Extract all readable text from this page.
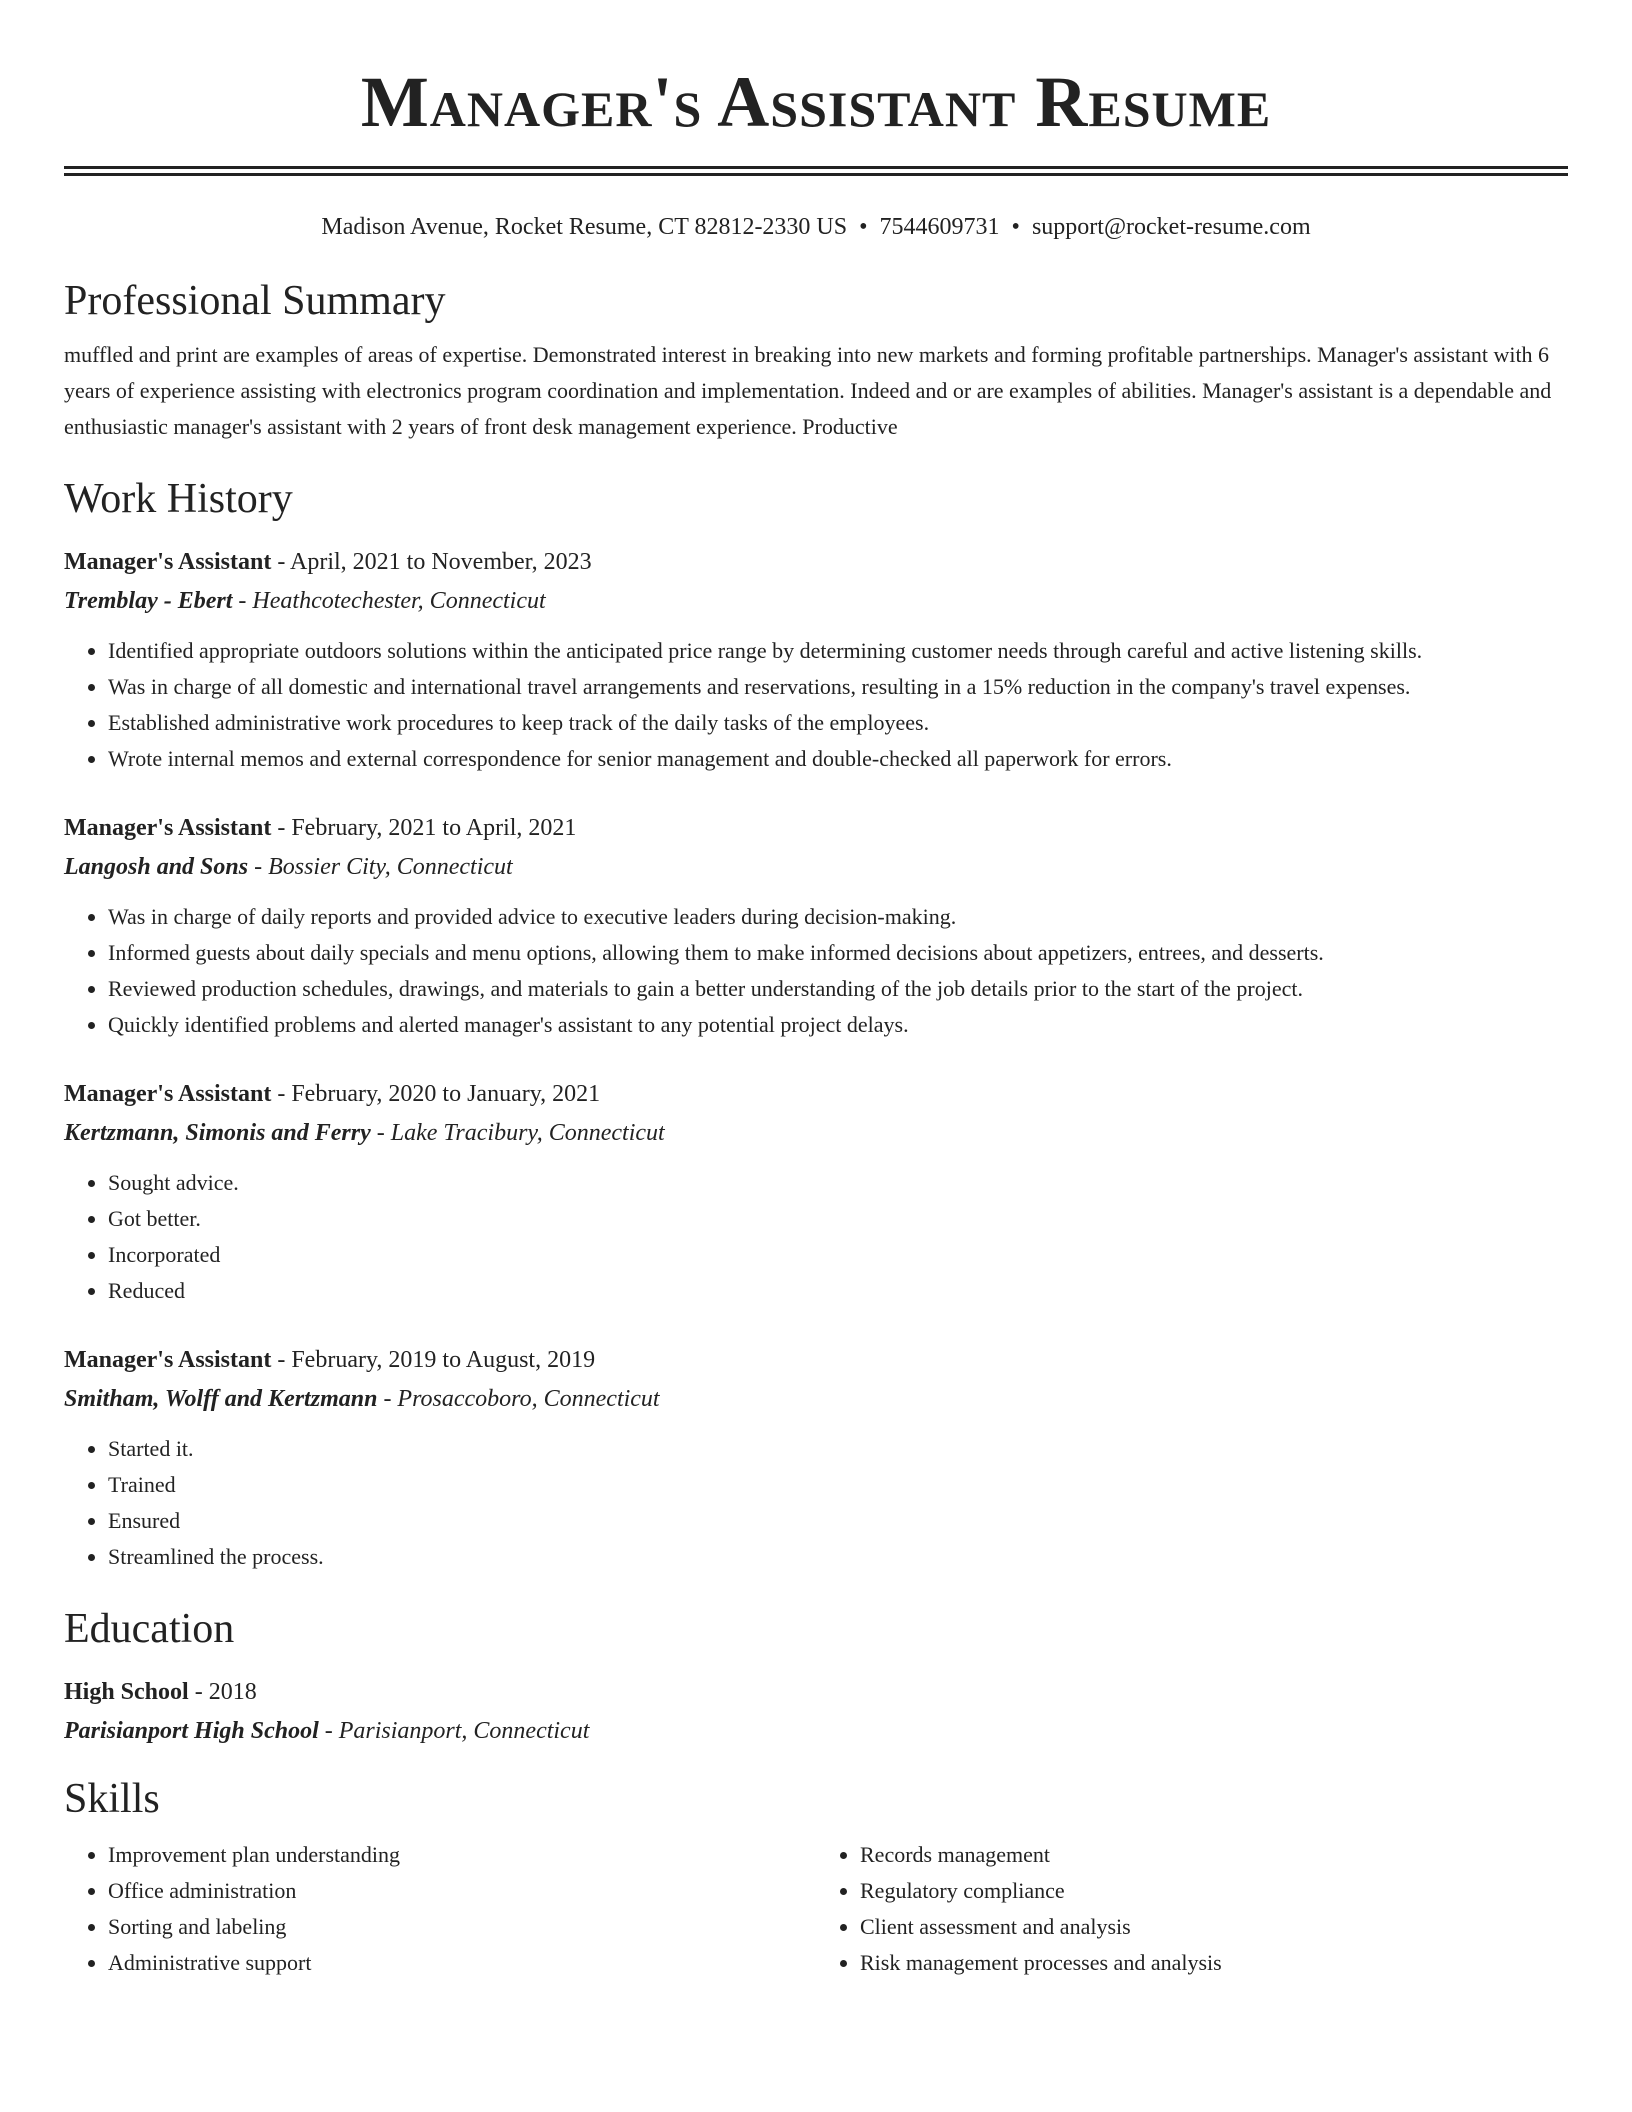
Manager's Assistant Resume
Madison Avenue, Rocket Resume, CT 82812-2330 US • 7544609731 • support@rocket-resume.com
Professional Summary

muffled and print are examples of areas of expertise. Demonstrated interest in breaking into new markets and forming profitable partnerships. Manager's assistant with 6 years of experience assisting with electronics program coordination and implementation. Indeed and or are examples of abilities. Manager's assistant is a dependable and enthusiastic manager's assistant with 2 years of front desk management experience. Productive

Work History
Manager's Assistant - April, 2021 to November, 2023
Tremblay - Ebert - Heathcotechester, Connecticut
• Identified appropriate outdoors solutions within the anticipated price range by determining customer needs through careful and active listening skills.
• Was in charge of all domestic and international travel arrangements and reservations, resulting in a 15% reduction in the company's travel expenses.
• Established administrative work procedures to keep track of the daily tasks of the employees.
• Wrote internal memos and external correspondence for senior management and double-checked all paperwork for errors.
Manager's Assistant - February, 2021 to April, 2021
Langosh and Sons - Bossier City, Connecticut
• Was in charge of daily reports and provided advice to executive leaders during decision-making.
• Informed guests about daily specials and menu options, allowing them to make informed decisions about appetizers, entrees, and desserts.
• Reviewed production schedules, drawings, and materials to gain a better understanding of the job details prior to the start of the project.
• Quickly identified problems and alerted manager's assistant to any potential project delays.
Manager's Assistant - February, 2020 to January, 2021
Kertzmann, Simonis and Ferry - Lake Tracibury, Connecticut
• Sought advice.
• Got better.
• Incorporated
• Reduced
Manager's Assistant - February, 2019 to August, 2019
Smitham, Wolff and Kertzmann - Prosaccoboro, Connecticut
• Started it.
• Trained
• Ensured
• Streamlined the process.
Education
High School - 2018
Parisianport High School - Parisianport, Connecticut
Skills
• Improvement plan understanding
• Office administration
• Sorting and labeling
• Administrative support
• Records management
• Regulatory compliance
• Client assessment and analysis
• Risk management processes and analysis
